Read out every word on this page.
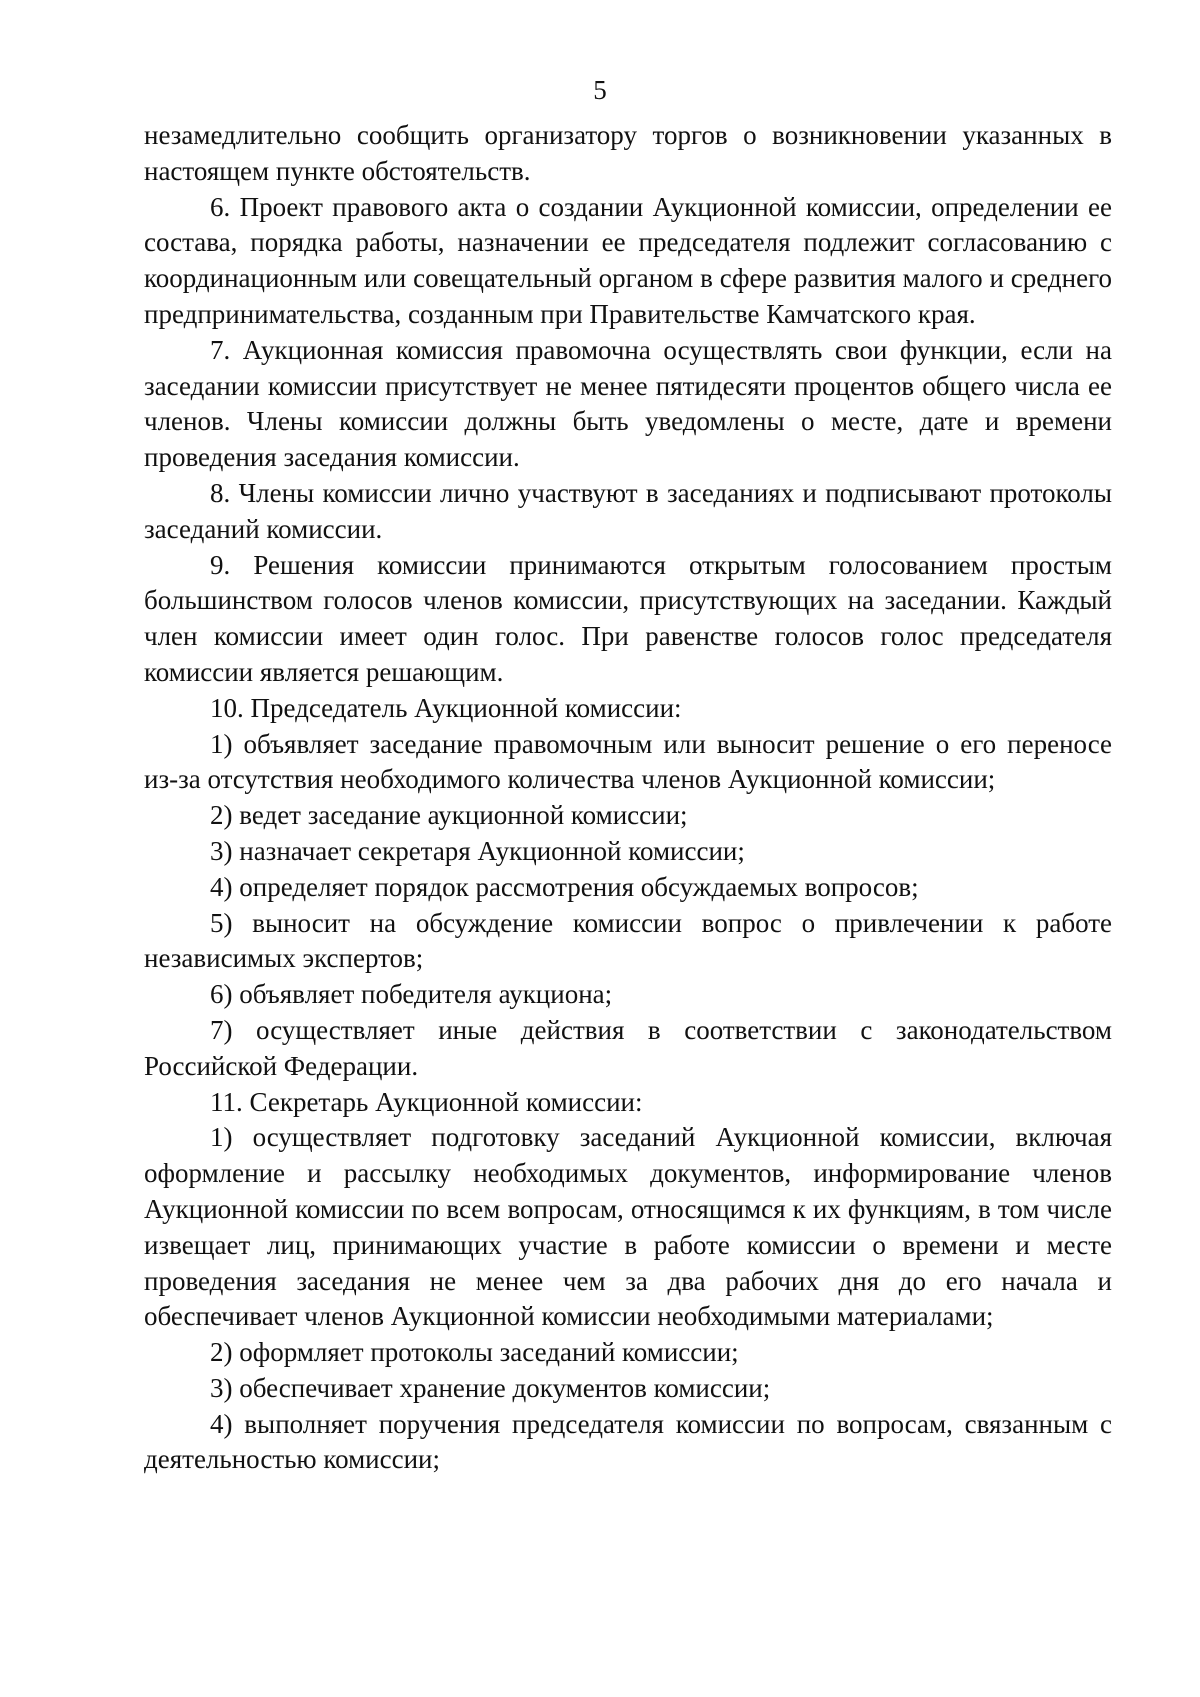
5

незамедлительно сообщить организатору торгов о возникновении указанных в настоящем пункте обстоятельств.

6. Проект правового акта о создании Аукционной комиссии, определении ее состава, порядка работы, назначении ее председателя подлежит согласованию с координационным или совещательный органом в сфере развития малого и среднего предпринимательства, созданным при Правительстве Камчатского края.

7. Аукционная комиссия правомочна осуществлять свои функции, если на заседании комиссии присутствует не менее пятидесяти процентов общего числа ее членов. Члены комиссии должны быть уведомлены о месте, дате и времени проведения заседания комиссии.

8. Члены комиссии лично участвуют в заседаниях и подписывают протоколы заседаний комиссии.

9. Решения комиссии принимаются открытым голосованием простым большинством голосов членов комиссии, присутствующих на заседании. Каждый член комиссии имеет один голос. При равенстве голосов голос председателя комиссии является решающим.

10. Председатель Аукционной комиссии:

1) объявляет заседание правомочным или выносит решение о его переносе из-за отсутствия необходимого количества членов Аукционной комиссии;

2) ведет заседание аукционной комиссии;

3) назначает секретаря Аукционной комиссии;

4) определяет порядок рассмотрения обсуждаемых вопросов;

5) выносит на обсуждение комиссии вопрос о привлечении к работе независимых экспертов;

6) объявляет победителя аукциона;

7) осуществляет иные действия в соответствии с законодательством Российской Федерации.

11. Секретарь Аукционной комиссии:

1) осуществляет подготовку заседаний Аукционной комиссии, включая оформление и рассылку необходимых документов, информирование членов Аукционной комиссии по всем вопросам, относящимся к их функциям, в том числе извещает лиц, принимающих участие в работе комиссии о времени и месте проведения заседания не менее чем за два рабочих дня до его начала и обеспечивает членов Аукционной комиссии необходимыми материалами;

2) оформляет протоколы заседаний комиссии;

3) обеспечивает хранение документов комиссии;

4) выполняет поручения председателя комиссии по вопросам, связанным с деятельностью комиссии;
